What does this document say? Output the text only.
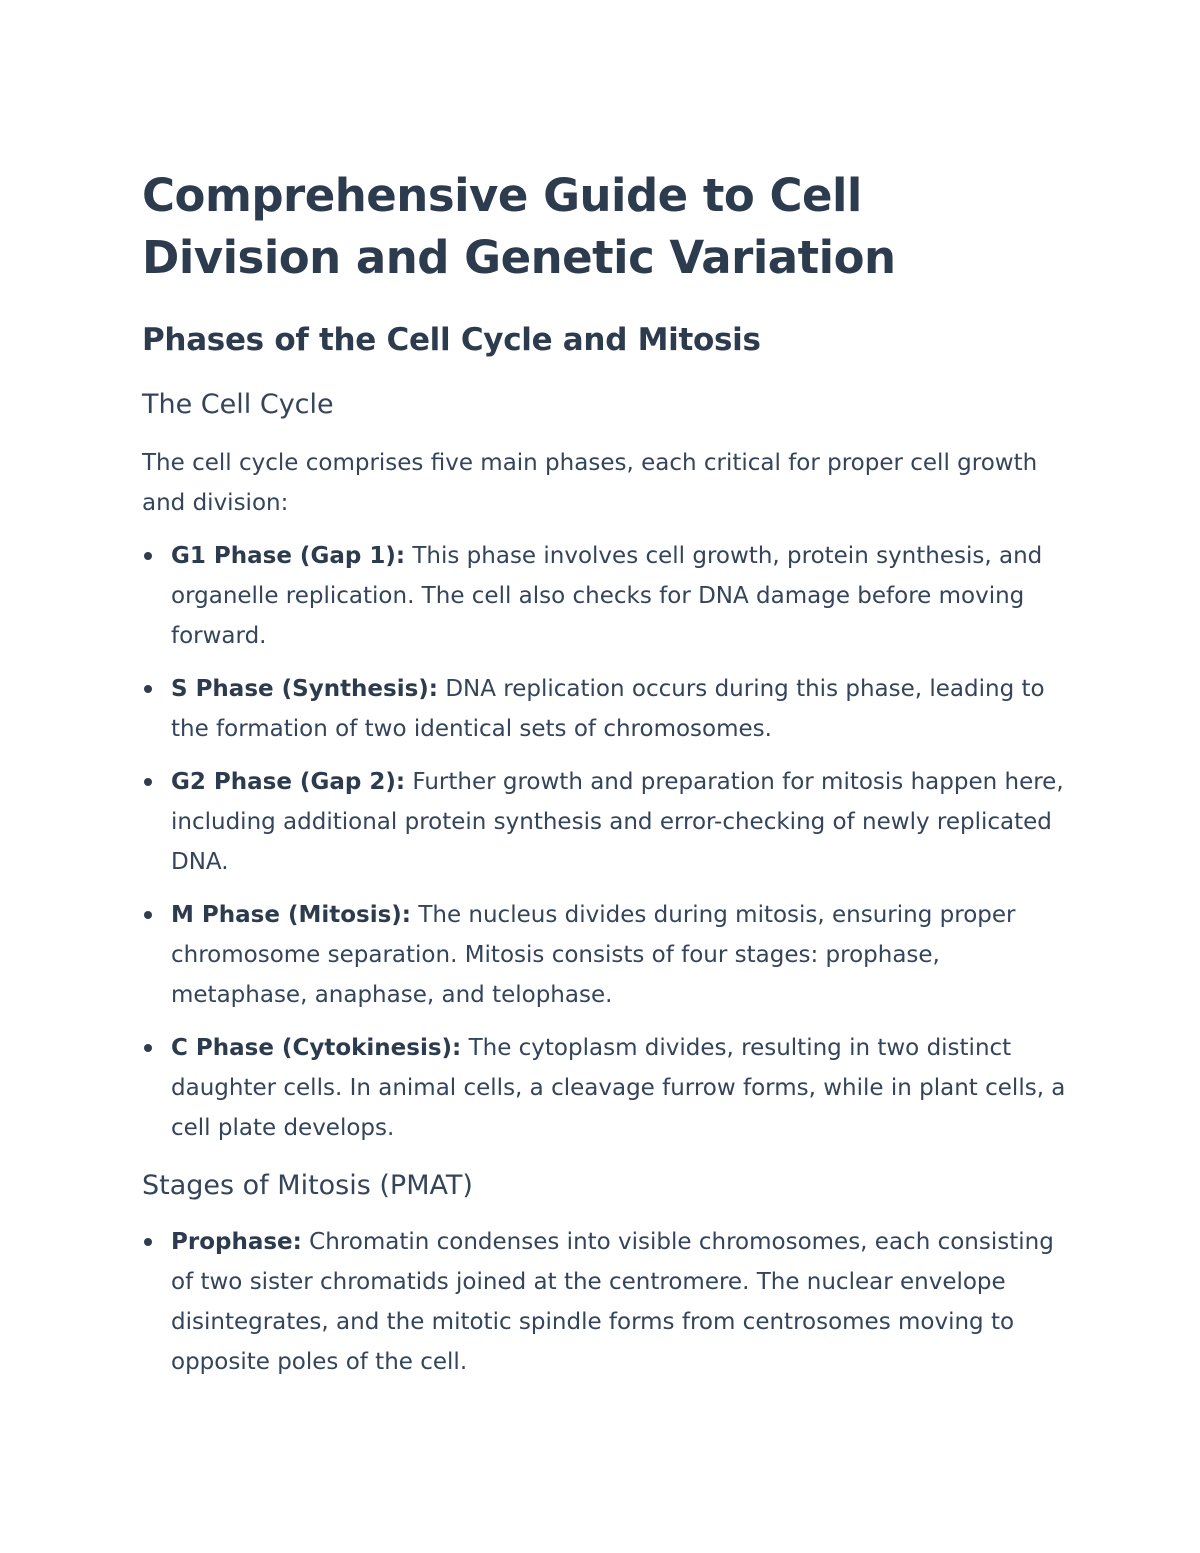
Comprehensive Guide to Cell Division and Genetic Variation
Phases of the Cell Cycle and Mitosis
The Cell Cycle

The cell cycle comprises five main phases, each critical for proper cell growth and division:

G1 Phase (Gap 1): This phase involves cell growth, protein synthesis, and organelle replication. The cell also checks for DNA damage before moving forward.
S Phase (Synthesis): DNA replication occurs during this phase, leading to the formation of two identical sets of chromosomes.
G2 Phase (Gap 2): Further growth and preparation for mitosis happen here, including additional protein synthesis and error-checking of newly replicated DNA.
M Phase (Mitosis): The nucleus divides during mitosis, ensuring proper chromosome separation. Mitosis consists of four stages: prophase, metaphase, anaphase, and telophase.
C Phase (Cytokinesis): The cytoplasm divides, resulting in two distinct daughter cells. In animal cells, a cleavage furrow forms, while in plant cells, a cell plate develops.
Stages of Mitosis (PMAT)
Prophase: Chromatin condenses into visible chromosomes, each consisting of two sister chromatids joined at the centromere. The nuclear envelope disintegrates, and the mitotic spindle forms from centrosomes moving to opposite poles of the cell.
